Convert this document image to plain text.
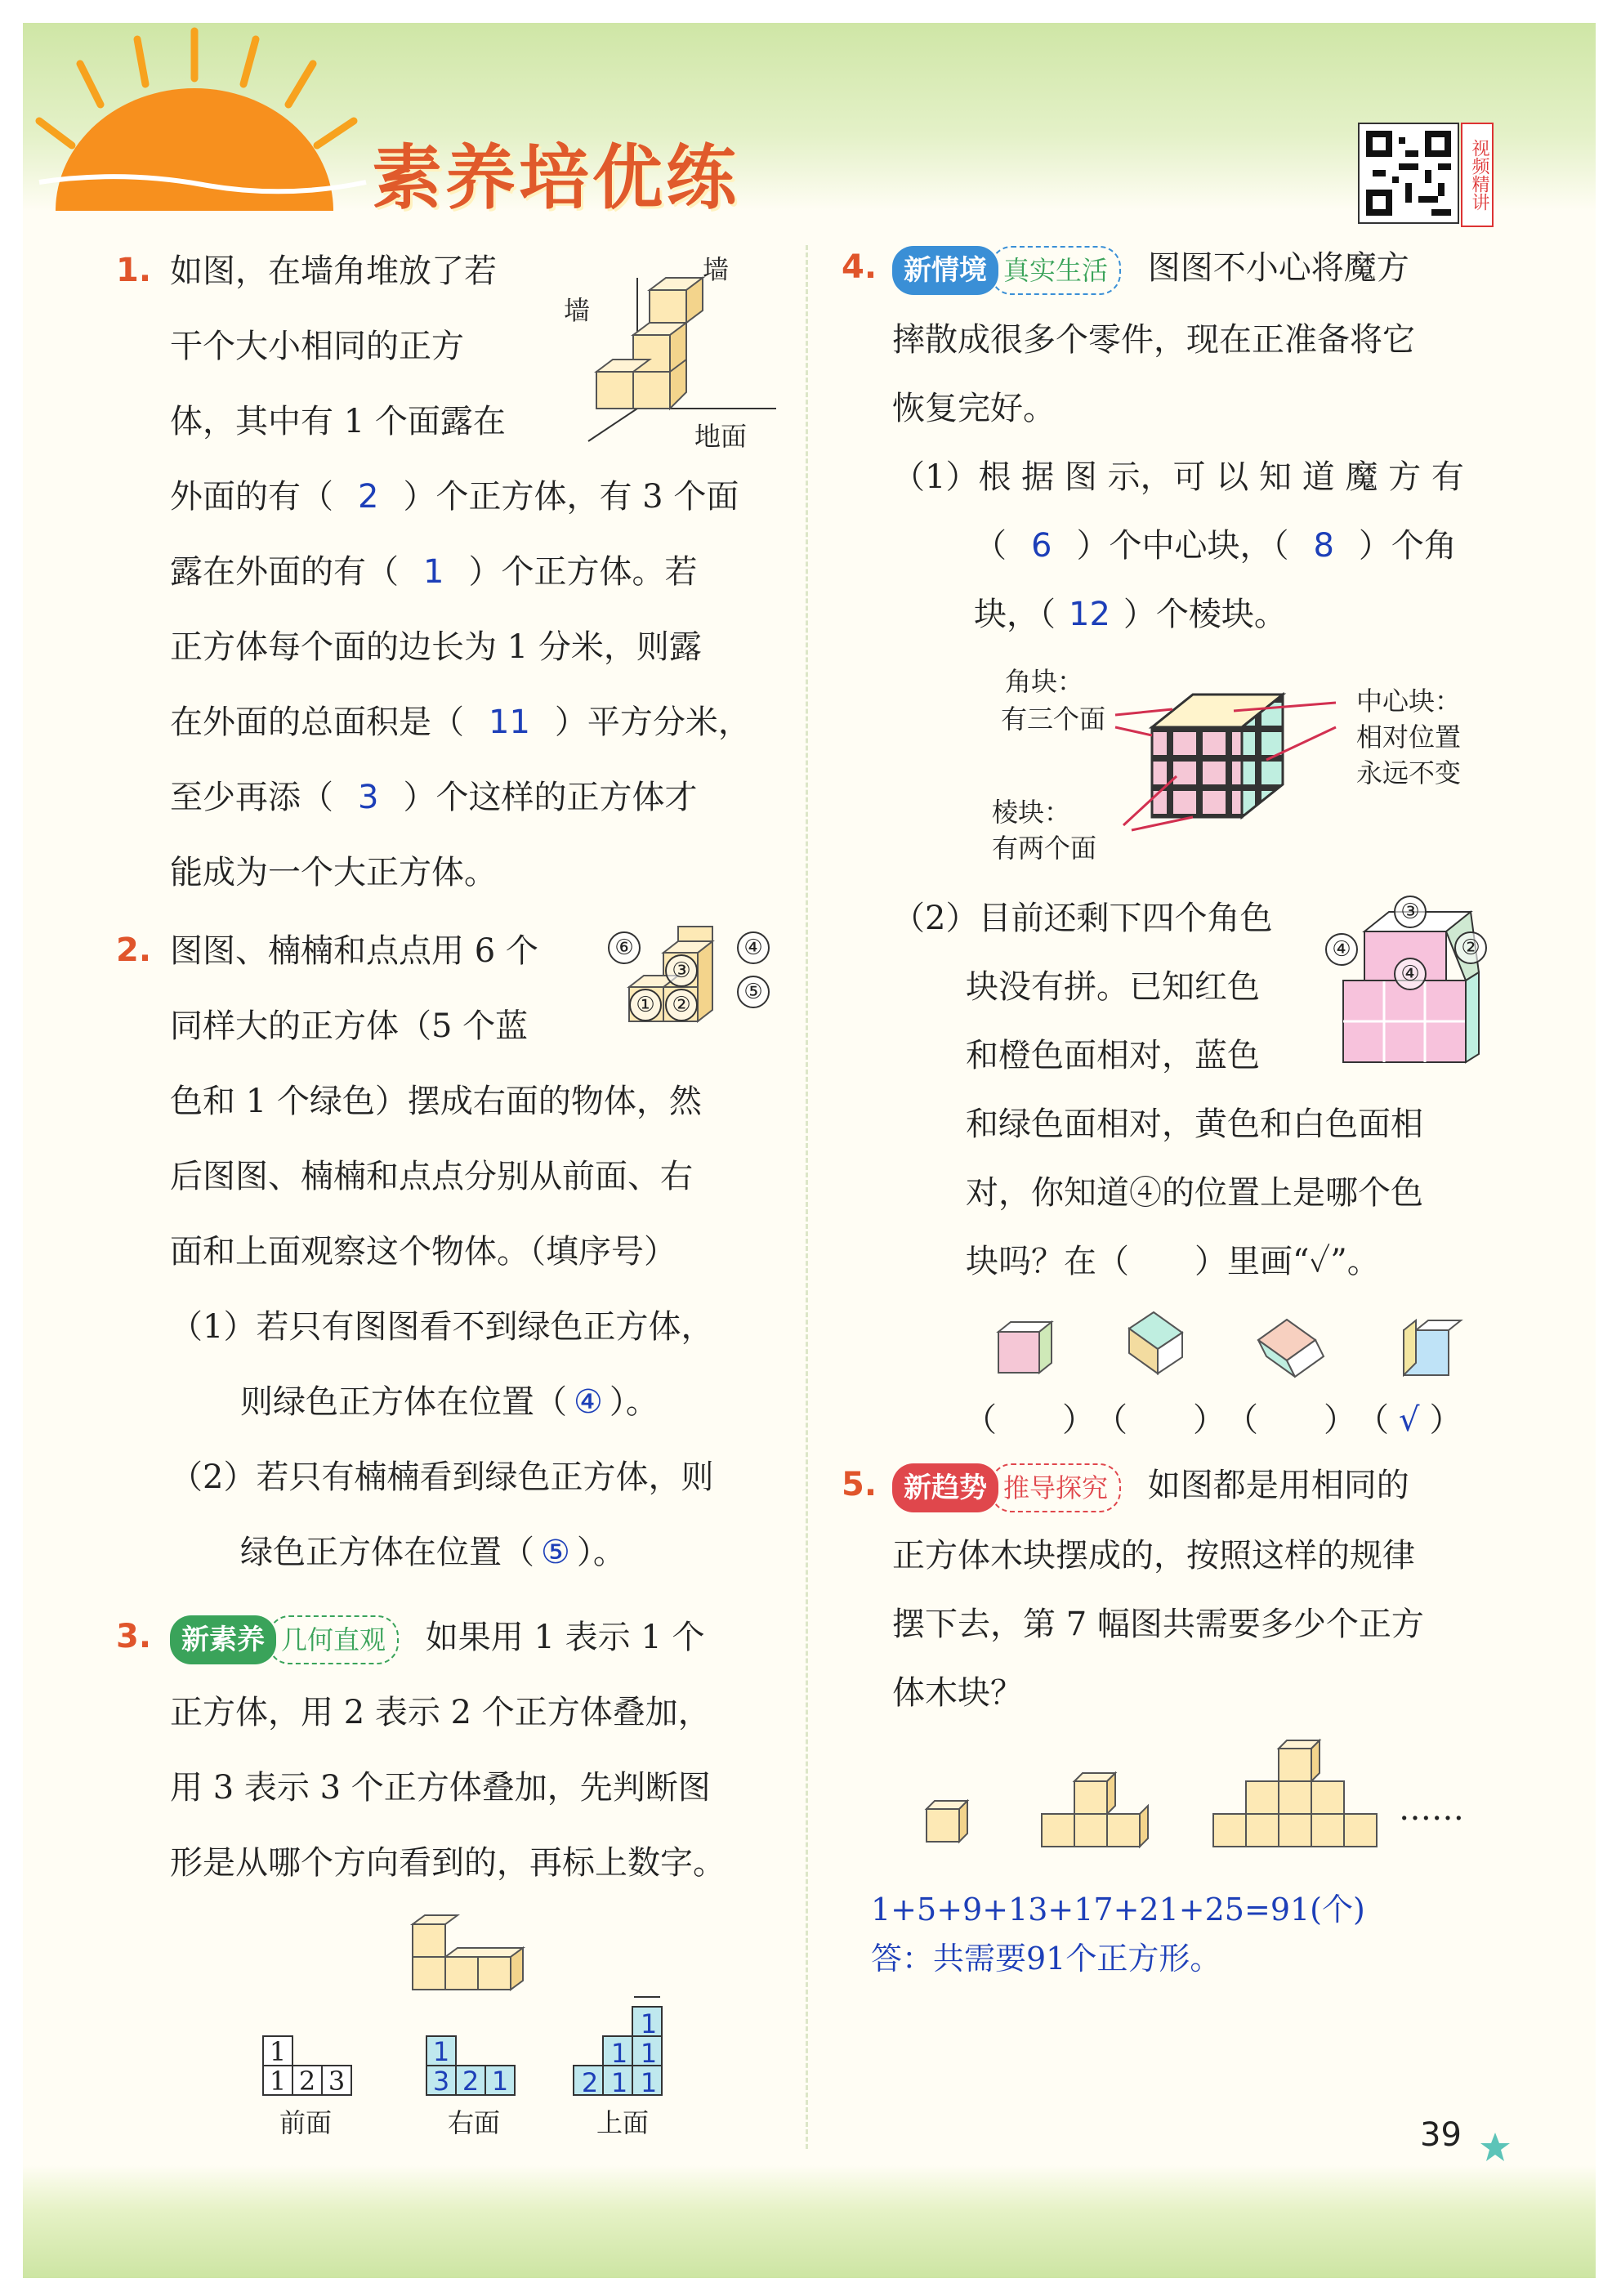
素养培优练	视频精讲
1. 如图，在墙角堆放了若
干个大小相同的正方
体，其中有 1 个面露在
外面的有（ 2 ）个正方体，有 3 个面
露在外面的有（ 1 ）个正方体。若
正方体每个面的边长为 1 分米，则露
在外面的总面积是（ 11 ）平方分米，
至少再添（ 3 ）个这样的正方体才
能成为一个大正方体。
墙
墙
地面
2. 图图、楠楠和点点用 6 个
同样大的正方体（5 个蓝
色和 1 个绿色）摆成右面的物体，然
后图图、楠楠和点点分别从前面、右
面和上面观察这个物体。（填序号）
（1）若只有图图看不到绿色正方体，
则绿色正方体在位置（ ④ ）。
（2）若只有楠楠看到绿色正方体，则
绿色正方体在位置（ ⑤ ）。
① ②
③
④
⑤
⑥
3.	新素养 几何直观 如果用 1 表示 1 个
正方体，用 2 表示 2 个正方体叠加，
用 3 表示 3 个正方体叠加，先判断图
形是从哪个方向看到的，再标上数字。
1
1 2 3
前面
1
3 2 1
右面
1
1 1
2 1 1
上面
4. 新情境 真实生活 图图不小心将魔方
摔散成很多个零件，现在正准备将它
恢复完好。
（1）根 据 图 示，可 以 知 道 魔 方 有
（ 6 ）个中心块，（ 8 ）个角
块，（ 12 ）个棱块。
角块：
有三个面
中心块：
相对位置
永远不变
棱块：
有两个面
（2）目前还剩下四个角色
块没有拼。已知红色
和橙色面相对，蓝色
和绿色面相对，黄色和白色面相
对，你知道④的位置上是哪个色
块吗？在（　　）里画“✓”。
③
④	②
④
（　　） （　　） （　　） （ √ ）
5. 新趋势 推导探究 如图都是用相同的
正方体木块摆成的，按照这样的规律
摆下去，第 7 幅图共需要多少个正方
体木块？
……
1+5+9+13+17+21+25=91(个)
答：共需要91个正方形。
39
